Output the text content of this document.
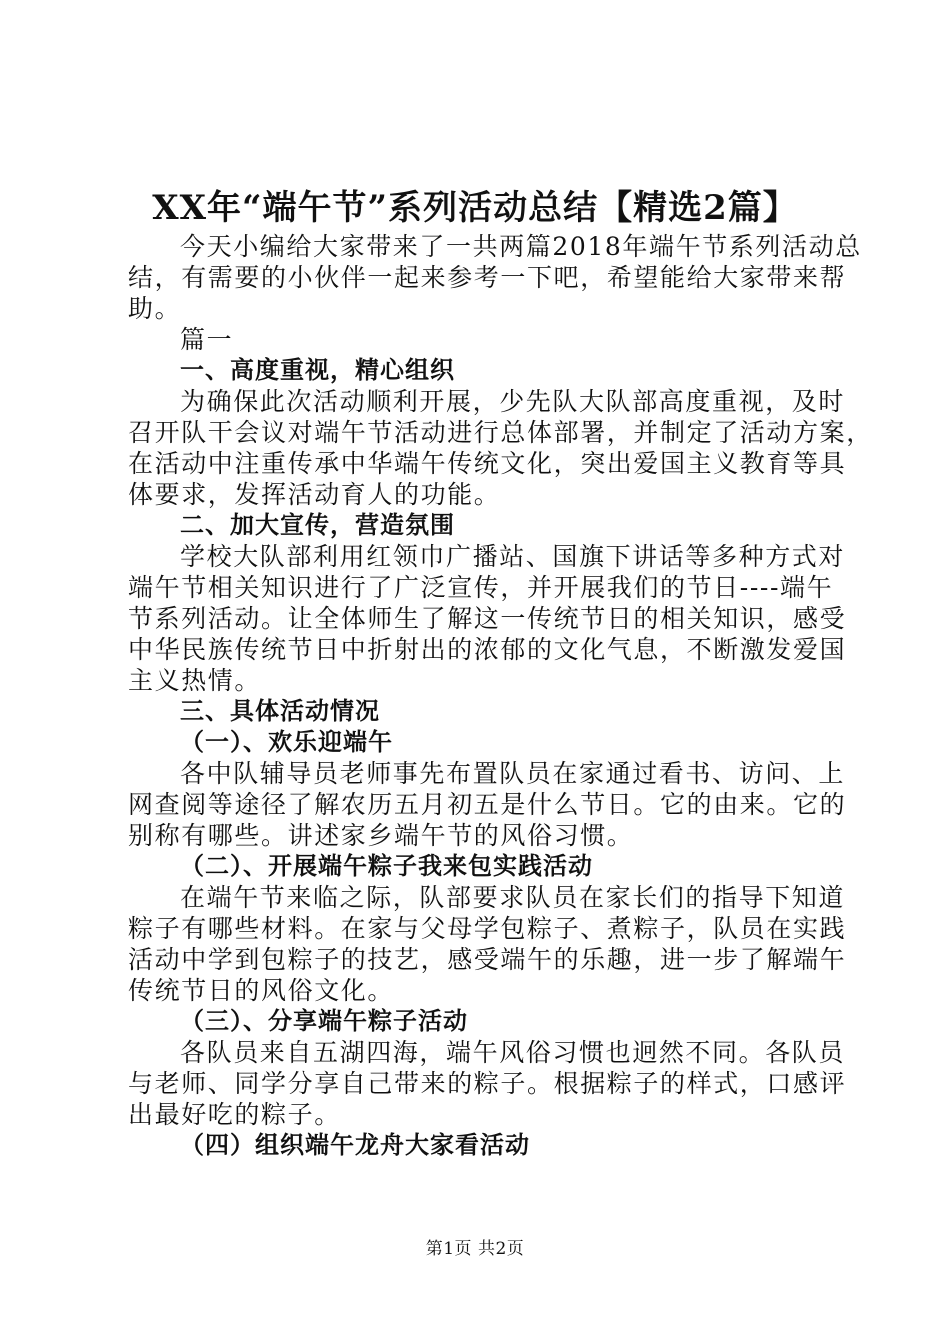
XX年“端午节”系列活动总结【精选2篇】
今天小编给大家带来了一共两篇2018年端午节系列活动总
结，有需要的小伙伴一起来参考一下吧，希望能给大家带来帮
助。
篇一
一、高度重视，精心组织
为确保此次活动顺利开展，少先队大队部高度重视，及时
召开队干会议对端午节活动进行总体部署，并制定了活动方案，
在活动中注重传承中华端午传统文化，突出爱国主义教育等具
体要求，发挥活动育人的功能。
二、加大宣传，营造氛围
学校大队部利用红领巾广播站、国旗下讲话等多种方式对
端午节相关知识进行了广泛宣传，并开展我们的节日----端午
节系列活动。让全体师生了解这一传统节日的相关知识，感受
中华民族传统节日中折射出的浓郁的文化气息，不断激发爱国
主义热情。
三、具体活动情况
（一）、欢乐迎端午
各中队辅导员老师事先布置队员在家通过看书、访问、上
网查阅等途径了解农历五月初五是什么节日。它的由来。它的
别称有哪些。讲述家乡端午节的风俗习惯。
（二）、开展端午粽子我来包实践活动
在端午节来临之际，队部要求队员在家长们的指导下知道
粽子有哪些材料。在家与父母学包粽子、煮粽子，队员在实践
活动中学到包粽子的技艺，感受端午的乐趣，进一步了解端午
传统节日的风俗文化。
（三）、分享端午粽子活动
各队员来自五湖四海，端午风俗习惯也迥然不同。各队员
与老师、同学分享自己带来的粽子。根据粽子的样式，口感评
出最好吃的粽子。
（四）组织端午龙舟大家看活动
第1页 共2页
